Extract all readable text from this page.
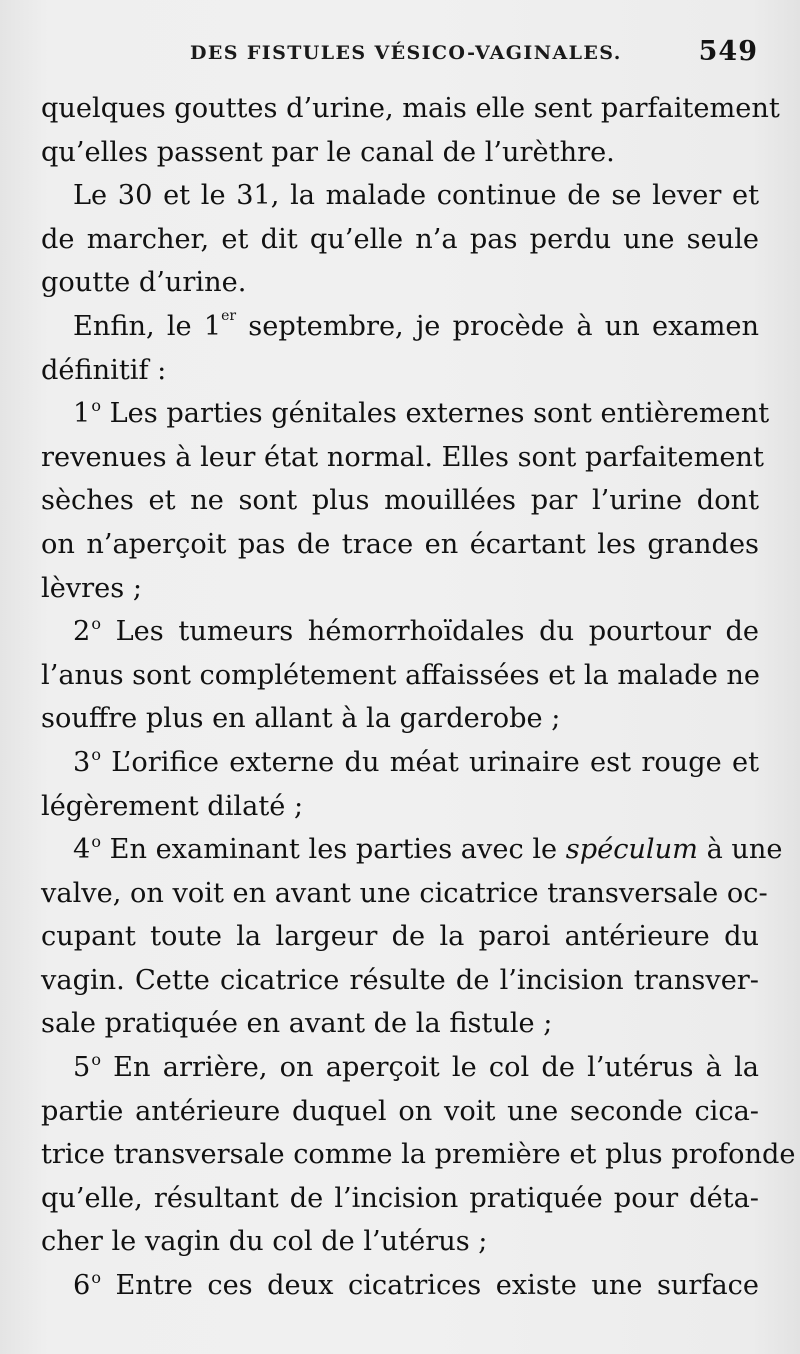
DES FISTULES VÉSICO-VAGINALES.	549
quelques gouttes d’urine, mais elle sent parfaitement
qu’elles passent par le canal de l’urèthre.
Le 30 et le 31, la malade continue de se lever et
de marcher, et dit qu’elle n’a pas perdu une seule
goutte d’urine.
Enfin, le 1er septembre, je procède à un examen
définitif :
1$^o$ Les parties génitales externes sont entièrement
revenues à leur état normal. Elles sont parfaitement
sèches et ne sont plus mouillées par l’urine dont
on n’aperçoit pas de trace en écartant les grandes
lèvres ;
2$^o$ Les tumeurs hémorrhoïdales du pourtour de
l’anus sont complétement affaissées et la malade ne
souffre plus en allant à la garderobe ;
3$^o$ L’orifice externe du méat urinaire est rouge et
légèrement dilaté ;
4$^o$ En examinant les parties avec le spéculum à une
valve, on voit en avant une cicatrice transversale oc-
cupant toute la largeur de la paroi antérieure du
vagin. Cette cicatrice résulte de l’incision transver-
sale pratiquée en avant de la fistule ;
5$^o$ En arrière, on aperçoit le col de l’utérus à la
partie antérieure duquel on voit une seconde cica-
trice transversale comme la première et plus profonde
qu’elle, résultant de l’incision pratiquée pour déta-
cher le vagin du col de l’utérus ;
6$^o$ Entre ces deux cicatrices existe une surface
